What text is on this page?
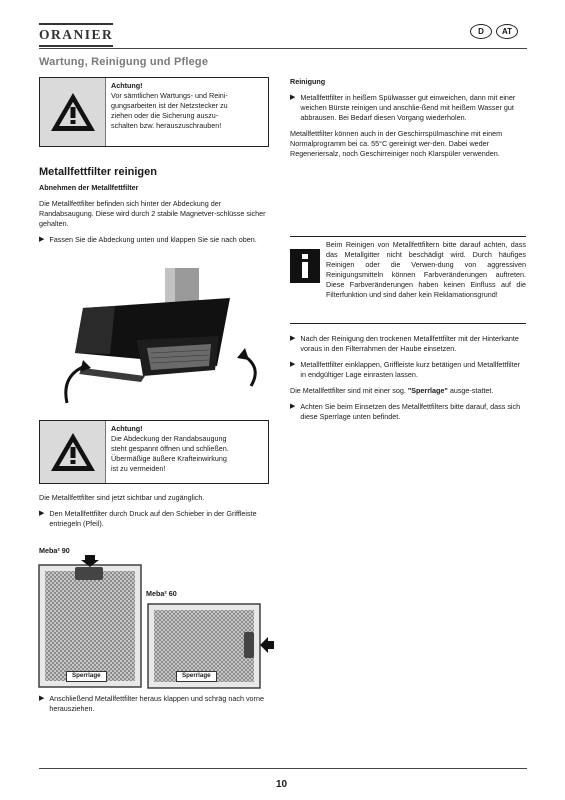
ORANIER	D	AT
Wartung, Reinigung und Pflege
Achtung!
Vor sämtlichen Wartungs- und Reini-
gungsarbeiten ist der Netzstecker zu
ziehen oder die Sicherung auszu-
schalten bzw. herauszuschrauben!
Metallfettfilter reinigen
Abnehmen der Metallfettfilter
Die Metallfettfilter befinden sich hinter der Abdeckung der Randabsaugung. Diese wird durch 2 stabile Magnetver-schlüsse sicher gehalten.
▶ Fassen Sie die Abdeckung unten und klappen Sie sie nach oben.
Achtung!
Die Abdeckung der Randabsaugung
steht gespannt öffnen und schließen.
Übermäßige äußere Krafteinwirkung
ist zu vermeiden!
Die Metallfettfilter sind jetzt sichtbar und zugänglich.
▶ Den Metallfettfilter durch Druck auf den Schieber in der Griffleiste entriegeln (Pfeil).
Meba² 90
Meba² 60
Sperrlage	Sperrlage
▶ Anschließend Metallfettfilter heraus klappen und schräg nach vorne herausziehen.
Reinigung
▶ Metallfettfilter in heißem Spülwasser gut einweichen, dann mit einer weichen Bürste reinigen und anschlie-ßend mit heißem Wasser gut abbrausen. Bei Bedarf diesen Vorgang wiederholen.
Metallfettfilter können auch in der Geschirrspülmaschine mit einem Normalprogramm bei ca. 55°C gereinigt wer-den. Dabei weder Regeneriersalz, noch Geschirreiniger noch Klarspüler verwenden.
Beim Reinigen von Metallfettfiltern bitte darauf achten, dass das Metallgitter nicht beschädigt wird. Durch häufiges Reinigen oder die Verwen-dung von aggressiven Reinigungsmitteln können Farbveränderungen auftreten. Diese Farbveränderungen haben keinen Einfluss auf die Filterfunktion und sind daher kein Reklamationsgrund!
▶ Nach der Reinigung den trockenen Metallfettfilter mit der Hinterkante voraus in den Filterrahmen der Haube einsetzen.
▶ Metallfettfilter einklappen, Griffleiste kurz betätigen und Metallfettfilter in endgültiger Lage einrasten lassen.
Die Metallfettfilter sind mit einer sog. "Sperrlage" ausge-stattet.
▶ Achten Sie beim Einsetzen des Metallfettfilters bitte darauf, dass sich diese Sperrlage unten befindet.
10
